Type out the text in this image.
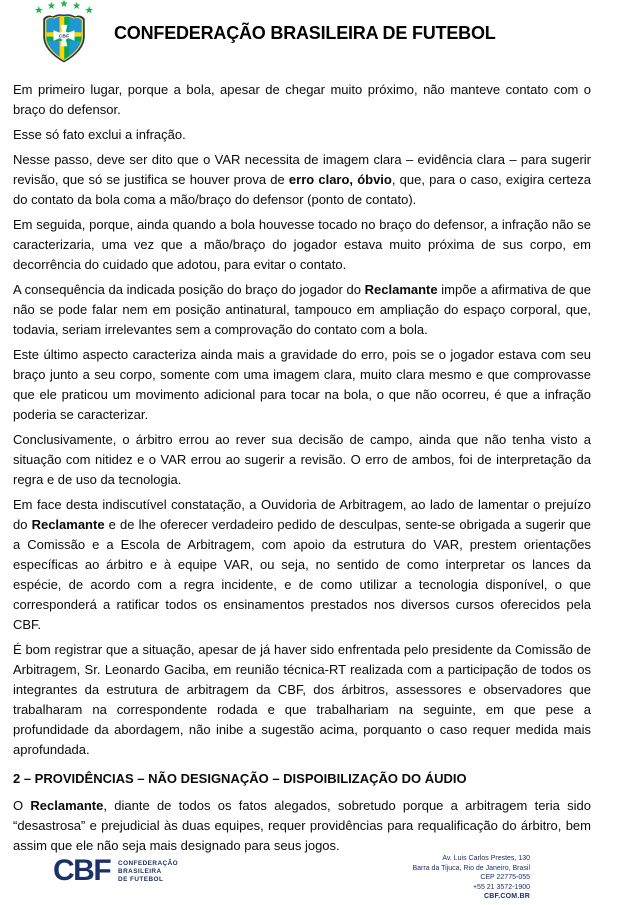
CBF CONFEDERAÇÃO BRASILEIRA DE FUTEBOL

Em primeiro lugar, porque a bola, apesar de chegar muito próximo, não manteve contato com o braço do defensor.

Esse só fato exclui a infração.

Nesse passo, deve ser dito que o VAR necessita de imagem clara – evidência clara – para sugerir revisão, que só se justifica se houver prova de erro claro, óbvio, que, para o caso, exigira certeza do contato da bola coma a mão/braço do defensor (ponto de contato).

Em seguida, porque, ainda quando a bola houvesse tocado no braço do defensor, a infração não se caracterizaria, uma vez que a mão/braço do jogador estava muito próxima de sus corpo, em decorrência do cuidado que adotou, para evitar o contato.

A consequência da indicada posição do braço do jogador do Reclamante impõe a afirmativa de que não se pode falar nem em posição antinatural, tampouco em ampliação do espaço corporal, que, todavia, seriam irrelevantes sem a comprovação do contato com a bola.

Este último aspecto caracteriza ainda mais a gravidade do erro, pois se o jogador estava com seu braço junto a seu corpo, somente com uma imagem clara, muito clara mesmo e que comprovasse que ele praticou um movimento adicional para tocar na bola, o que não ocorreu, é que a infração poderia se caracterizar.

Conclusivamente, o árbitro errou ao rever sua decisão de campo, ainda que não tenha visto a situação com nitidez e o VAR errou ao sugerir a revisão. O erro de ambos, foi de interpretação da regra e de uso da tecnologia.

Em face desta indiscutível constatação, a Ouvidoria de Arbitragem, ao lado de lamentar o prejuízo do Reclamante e de lhe oferecer verdadeiro pedido de desculpas, sente-se obrigada a sugerir que a Comissão e a Escola de Arbitragem, com apoio da estrutura do VAR, prestem orientações específicas ao árbitro e à equipe VAR, ou seja, no sentido de como interpretar os lances da espécie, de acordo com a regra incidente, e de como utilizar a tecnologia disponível, o que corresponderá a ratificar todos os ensinamentos prestados nos diversos cursos oferecidos pela CBF.

É bom registrar que a situação, apesar de já haver sido enfrentada pelo presidente da Comissão de Arbitragem, Sr. Leonardo Gaciba, em reunião técnica-RT realizada com a participação de todos os integrantes da estrutura de arbitragem da CBF, dos árbitros, assessores e observadores que trabalharam na correspondente rodada e que trabalhariam na seguinte, em que pese a profundidade da abordagem, não inibe a sugestão acima, porquanto o caso requer medida mais aprofundada.

2 – PROVIDÊNCIAS – NÃO DESIGNAÇÃO – DISPOIBILIZAÇÃO DO ÁUDIO

O Reclamante, diante de todos os fatos alegados, sobretudo porque a arbitragem teria sido “desastrosa” e prejudicial às duas equipes, requer providências para requalificação do árbitro, bem assim que ele não seja mais designado para seus jogos.

CBF CONFEDERAÇÃO
BRASILEIRA
DE FUTEBOL
Av. Luis Carlos Prestes, 130
Barra da Tijuca, Rio de Janeiro, Brasil
CEP 22775-055
+55 21 3572-1900
CBF.COM.BR
